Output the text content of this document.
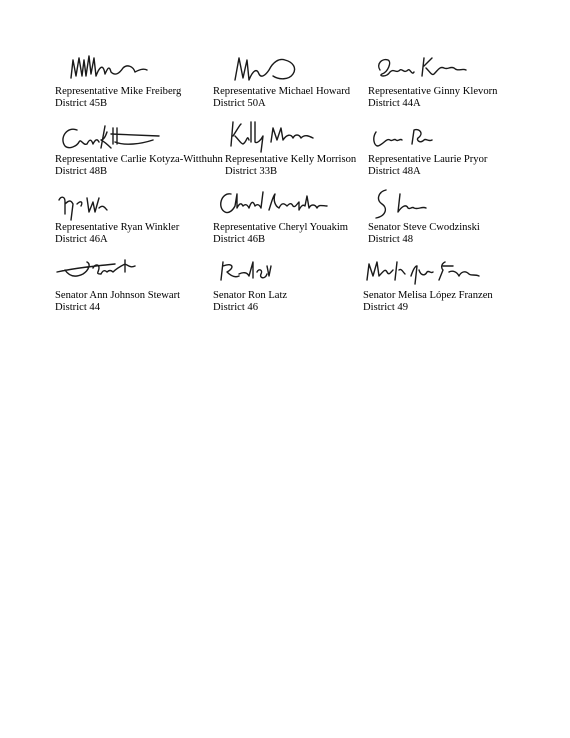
Representative Mike Freiberg
District 45B
Representative Michael Howard
District 50A
Representative Ginny Klevorn
District 44A
Representative Carlie Kotyza-Witthuhn
District 48B
Representative Kelly Morrison
District 33B
Representative Laurie Pryor
District 48A
Representative Ryan Winkler
District 46A
Representative Cheryl Youakim
District 46B
Senator Steve Cwodzinski
District 48
Senator Ann Johnson Stewart
District 44
Senator Ron Latz
District 46
Senator Melisa López Franzen
District 49
